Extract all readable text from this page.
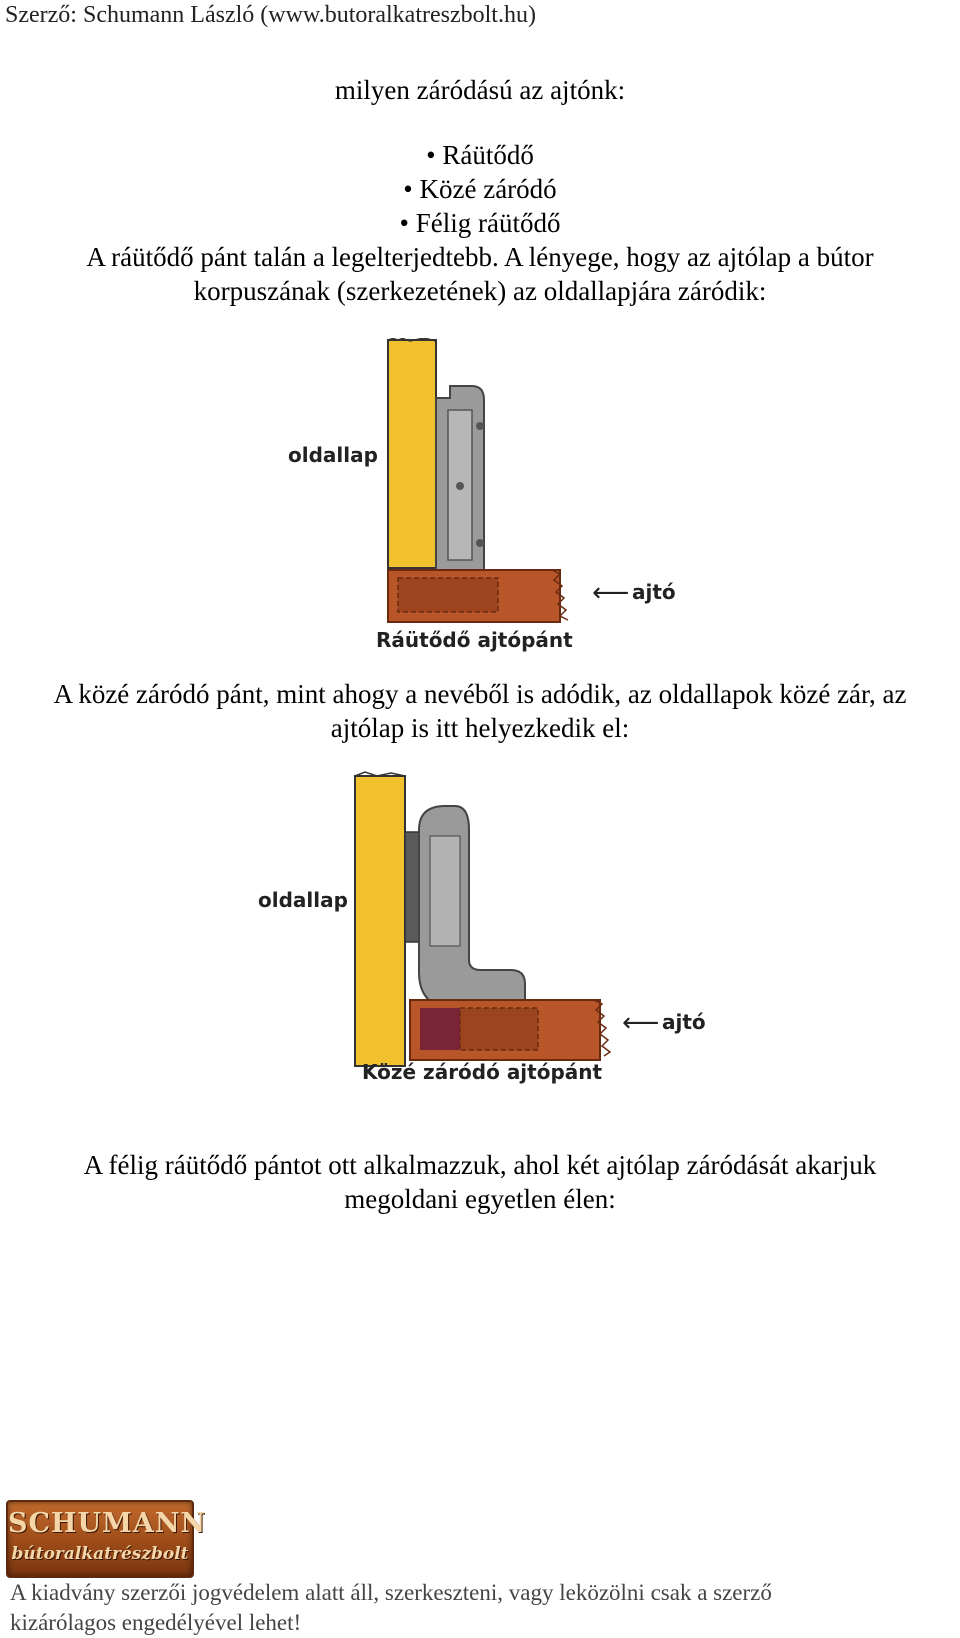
Szerző: Schumann László (www.butoralkatreszbolt.hu)
milyen záródású az ajtónk:
• Ráütődő
• Közé záródó
• Félig ráütődő
A ráütődő pánt talán a legelterjedtebb. A lényege, hogy az ajtólap a bútor
korpuszának (szerkezetének) az oldallapjára záródik:
oldallap
⟵ ajtó
Ráütődő ajtópánt
A közé záródó pánt, mint ahogy a nevéből is adódik, az oldallapok közé zár, az
ajtólap is itt helyezkedik el:
oldallap
⟵ ajtó
Közé záródó ajtópánt
A félig ráütődő pántot ott alkalmazzuk, ahol két ajtólap záródását akarjuk
megoldani egyetlen élen:
SCHUMANN
bútoralkatrészbolt
A kiadvány szerzői jogvédelem alatt áll, szerkeszteni, vagy leközölni csak a szerző
kizárólagos engedélyével lehet!
